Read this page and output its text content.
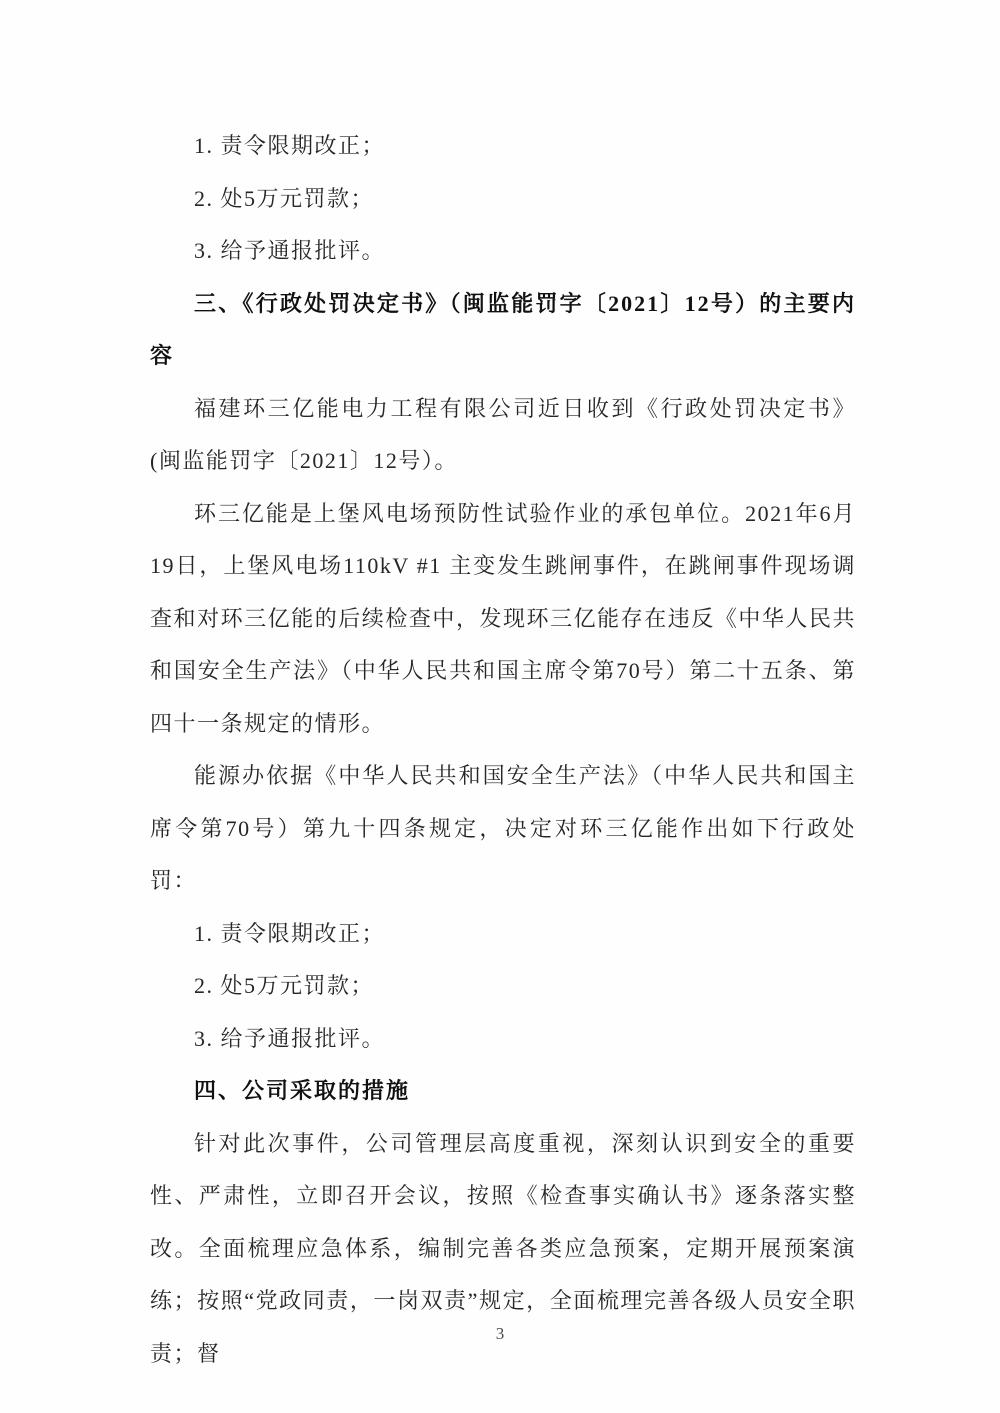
1. 责令限期改正；

2. 处5万元罚款；

3. 给予通报批评。

三、《行政处罚决定书》（闽监能罚字〔2021〕12号）的主要内容

福建环三亿能电力工程有限公司近日收到《行政处罚决定书》(闽监能罚字〔2021〕12号）。

环三亿能是上堡风电场预防性试验作业的承包单位。2021年6月19日，上堡风电场110kV #1 主变发生跳闸事件，在跳闸事件现场调查和对环三亿能的后续检查中，发现环三亿能存在违反《中华人民共和国安全生产法》（中华人民共和国主席令第70号）第二十五条、第四十一条规定的情形。

能源办依据《中华人民共和国安全生产法》（中华人民共和国主席令第70号）第九十四条规定，决定对环三亿能作出如下行政处罚：

1. 责令限期改正；

2. 处5万元罚款；

3. 给予通报批评。

四、公司采取的措施

针对此次事件，公司管理层高度重视，深刻认识到安全的重要性、严肃性，立即召开会议，按照《检查事实确认书》逐条落实整改。全面梳理应急体系，编制完善各类应急预案，定期开展预案演练；按照“党政同责，一岗双责”规定，全面梳理完善各级人员安全职责；督

3
